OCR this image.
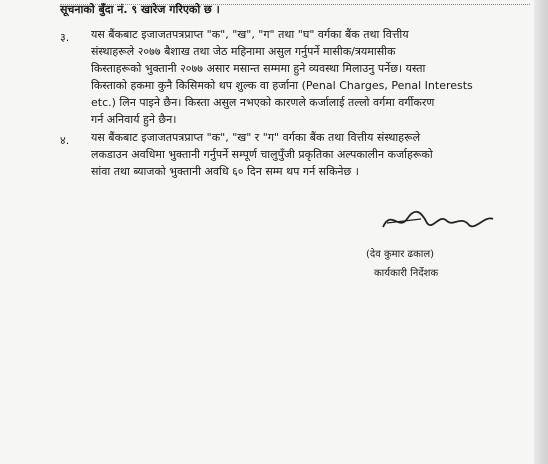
सूचनाको बुँदा नं. ९ खारेज गरिएको छ ।
३. यस बैंकबाट इजाजतपत्रप्राप्त "क", "ख", "ग" तथा "घ" वर्गका बैंक तथा वित्तीय
संस्थाहरूले २०७७ बैशाख तथा जेठ महिनामा असुल गर्नुपर्ने मासीक/त्रयमासीक
किस्ताहरूको भुक्तानी २०७७ असार मसान्त सम्ममा हुने व्यवस्था मिलाउनु पर्नेछ। यस्ता
किस्ताको हकमा कुनै किसिमको थप शुल्क वा हर्जाना (Penal Charges, Penal Interests
etc.) लिन पाइने छैन। किस्ता असुल नभएको कारणले कर्जालाई तल्लो वर्गमा वर्गीकरण
गर्न अनिवार्य हुने छैन।
४. यस बैंकबाट इजाजतपत्रप्राप्त "क", "ख" र "ग" वर्गका बैंक तथा वित्तीय संस्थाहरूले
लकडाउन अवधिमा भुक्तानी गर्नुपर्ने सम्पूर्ण चालुपुँजी प्रकृतिका अल्पकालीन कर्जाहरूको
सांवा तथा ब्याजको भुक्तानी अवधि ६० दिन सम्म थप गर्न सकिनेछ ।
(देव कुमार ढकाल)
कार्यकारी निर्देशक
